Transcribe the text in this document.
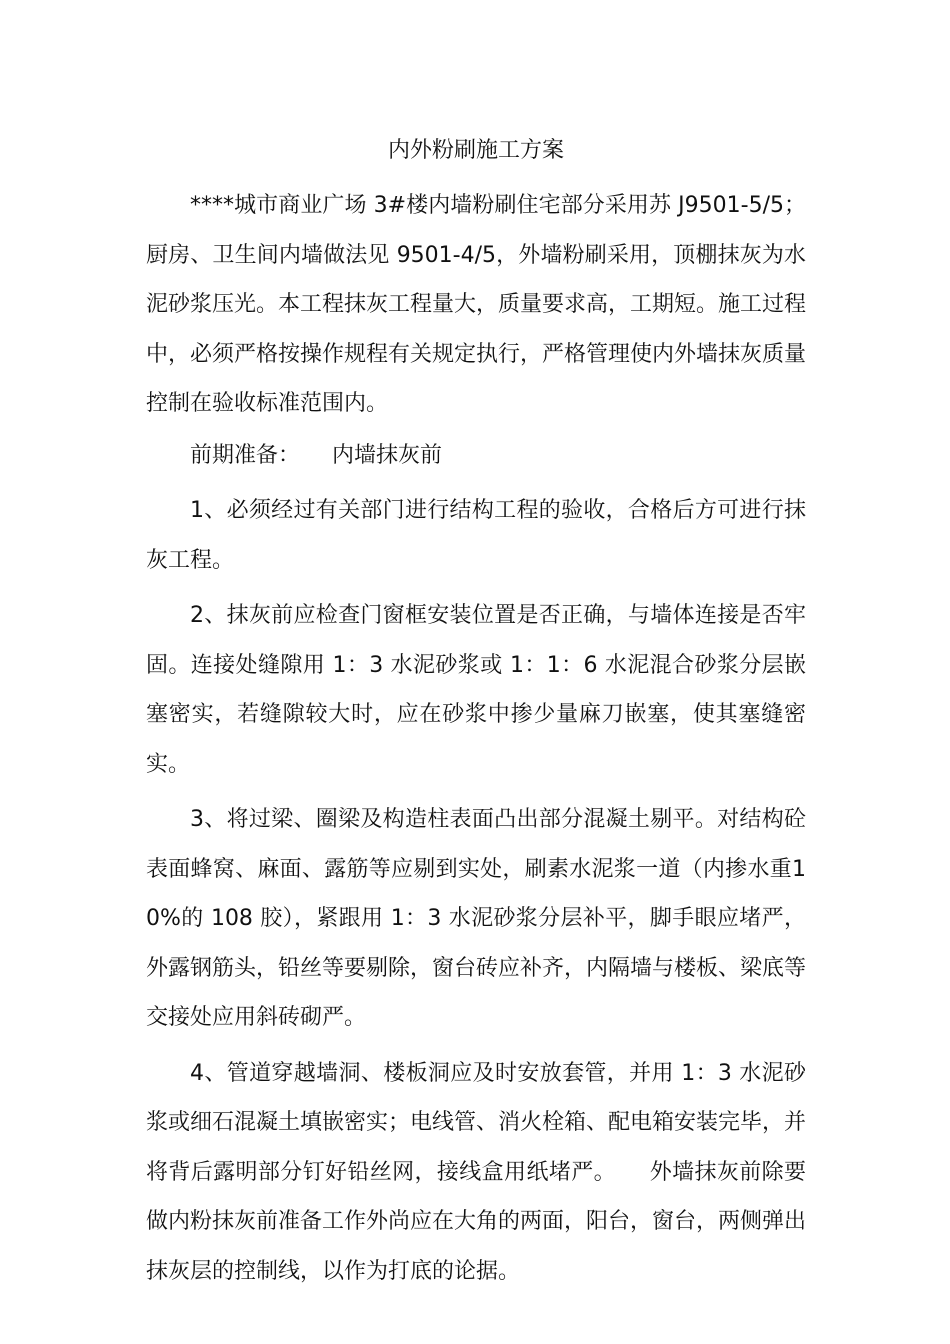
内外粉刷施工方案

****城市商业广场 3#楼内墙粉刷住宅部分采用苏 J9501-5/5；厨房、卫生间内墙做法见 9501-4/5，外墙粉刷采用，顶棚抹灰为水泥砂浆压光。本工程抹灰工程量大，质量要求高，工期短。施工过程中，必须严格按操作规程有关规定执行，严格管理使内外墙抹灰质量控制在验收标准范围内。

前期准备： 内墙抹灰前

1、必须经过有关部门进行结构工程的验收，合格后方可进行抹灰工程。

2、抹灰前应检查门窗框安装位置是否正确，与墙体连接是否牢固。连接处缝隙用 1：3 水泥砂浆或 1：1：6 水泥混合砂浆分层嵌塞密实，若缝隙较大时，应在砂浆中掺少量麻刀嵌塞，使其塞缝密实。

3、将过梁、圈梁及构造柱表面凸出部分混凝土剔平。对结构砼表面蜂窝、麻面、露筋等应剔到实处，刷素水泥浆一道（内掺水重10%的 108 胶），紧跟用 1：3 水泥砂浆分层补平，脚手眼应堵严，外露钢筋头，铅丝等要剔除，窗台砖应补齐，内隔墙与楼板、梁底等交接处应用斜砖砌严。

4、管道穿越墙洞、楼板洞应及时安放套管，并用 1：3 水泥砂浆或细石混凝土填嵌密实；电线管、消火栓箱、配电箱安装完毕，并将背后露明部分钉好铅丝网，接线盒用纸堵严。　　外墙抹灰前除要做内粉抹灰前准备工作外尚应在大角的两面，阳台，窗台，两侧弹出抹灰层的控制线，以作为打底的论据。
